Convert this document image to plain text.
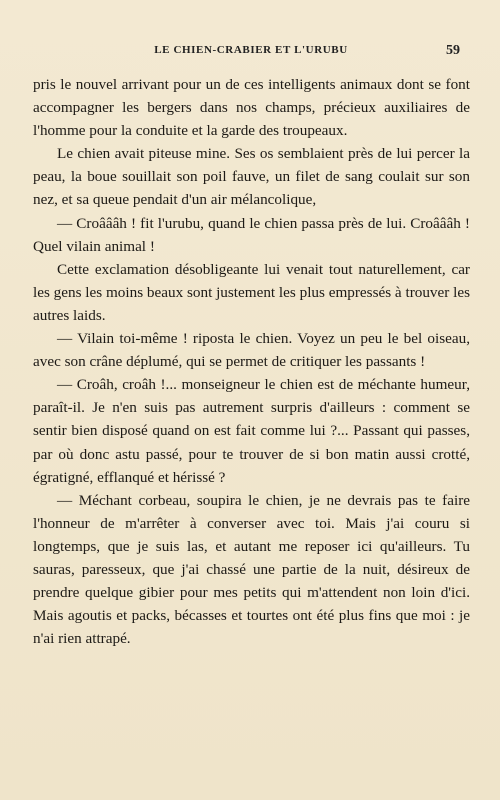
LE CHIEN-CRABIER ET L'URUBU	59

pris le nouvel arrivant pour un de ces intelligents animaux dont se font accompagner les bergers dans nos champs, précieux auxiliaires de l'homme pour la conduite et la garde des troupeaux.

Le chien avait piteuse mine. Ses os semblaient près de lui percer la peau, la boue souillait son poil fauve, un filet de sang coulait sur son nez, et sa queue pendait d'un air mélancolique,

— Croâââh ! fit l'urubu, quand le chien passa près de lui. Croâââh ! Quel vilain animal !

Cette exclamation désobligeante lui venait tout naturellement, car les gens les moins beaux sont justement les plus empressés à trouver les autres laids.

— Vilain toi-même ! riposta le chien. Voyez un peu le bel oiseau, avec son crâne déplumé, qui se permet de critiquer les passants !

— Croâh, croâh !... monseigneur le chien est de méchante humeur, paraît-il. Je n'en suis pas autrement surpris d'ailleurs : comment se sentir bien disposé quand on est fait comme lui ?... Passant qui passes, par où donc astu passé, pour te trouver de si bon matin aussi crotté, égratigné, efflanqué et hérissé ?

— Méchant corbeau, soupira le chien, je ne devrais pas te faire l'honneur de m'arrêter à converser avec toi. Mais j'ai couru si longtemps, que je suis las, et autant me reposer ici qu'ailleurs. Tu sauras, paresseux, que j'ai chassé une partie de la nuit, désireux de prendre quelque gibier pour mes petits qui m'attendent non loin d'ici. Mais agoutis et packs, bécasses et tourtes ont été plus fins que moi : je n'ai rien attrapé.
